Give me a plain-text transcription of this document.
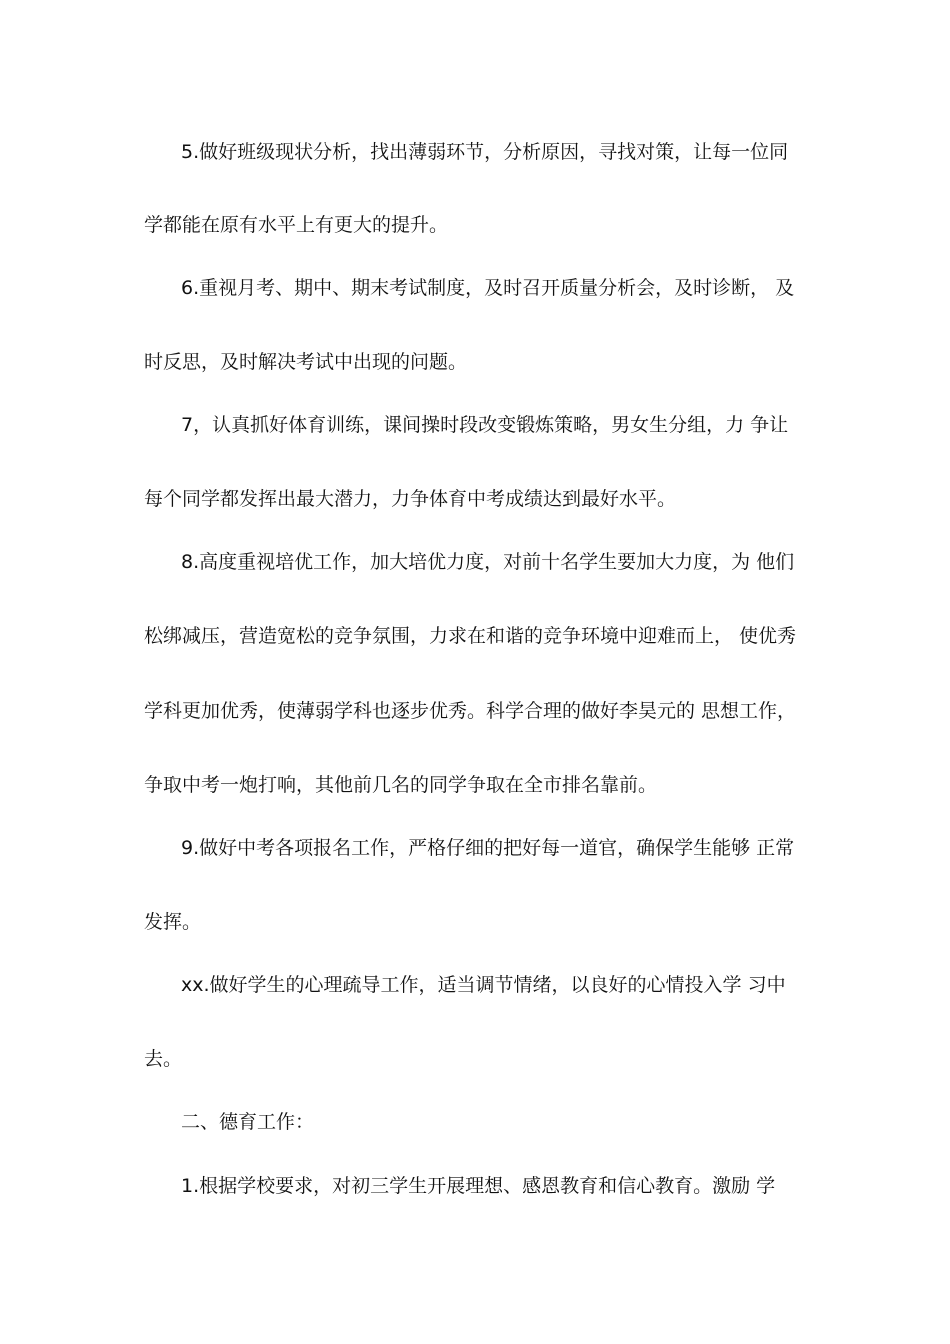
5.做好班级现状分析，找出薄弱环节，分析原因，寻找对策，让每一位同
学都能在原有水平上有更大的提升。
6.重视月考、期中、期末考试制度，及时召开质量分析会，及时诊断， 及
时反思，及时解决考试中出现的问题。
7，认真抓好体育训练，课间操时段改变锻炼策略，男女生分组，力 争让
每个同学都发挥出最大潜力，力争体育中考成绩达到最好水平。
8.高度重视培优工作，加大培优力度，对前十名学生要加大力度，为 他们
松绑减压，营造宽松的竞争氛围，力求在和谐的竞争环境中迎难而上， 使优秀
学科更加优秀，使薄弱学科也逐步优秀。科学合理的做好李昊元的 思想工作，
争取中考一炮打响，其他前几名的同学争取在全市排名靠前。
9.做好中考各项报名工作，严格仔细的把好每一道官，确保学生能够 正常
发挥。
xx.做好学生的心理疏导工作，适当调节情绪，以良好的心情投入学 习中
去。
二、德育工作：
1.根据学校要求，对初三学生开展理想、感恩教育和信心教育。激励 学
